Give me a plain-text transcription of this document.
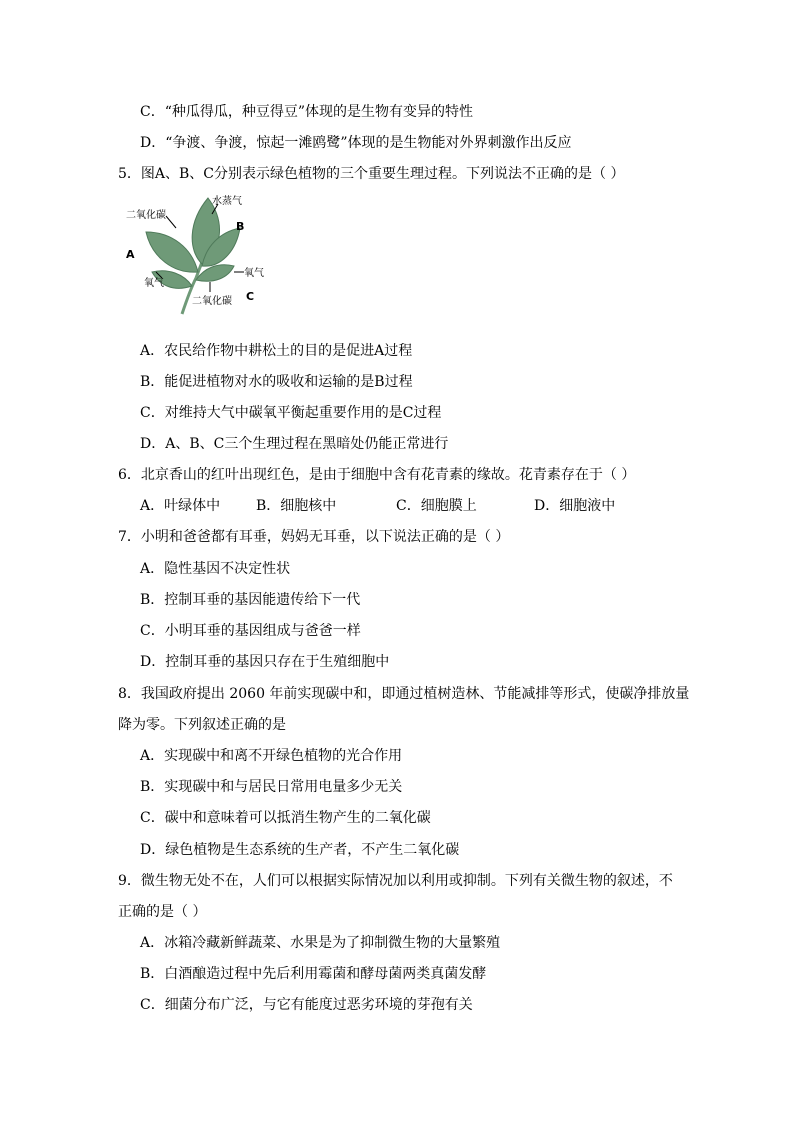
C．“种瓜得瓜，种豆得豆”体现的是生物有变异的特性
D．“争渡、争渡，惊起一滩鸥鹭”体现的是生物能对外界刺激作出反应
5．图A、B、C分别表示绿色植物的三个重要生理过程。下列说法不正确的是（ ）
二氧化碳
水蒸气
B
A
氧气
氧气
二氧化碳 C
A．农民给作物中耕松土的目的是促进A过程
B．能促进植物对水的吸收和运输的是B过程
C．对维持大气中碳氧平衡起重要作用的是C过程
D．A、B、C三个生理过程在黑暗处仍能正常进行
6．北京香山的红叶出现红色，是由于细胞中含有花青素的缘故。花青素存在于（ ）
A．叶绿体中	B．细胞核中	C．细胞膜上	D．细胞液中
7．小明和爸爸都有耳垂，妈妈无耳垂，以下说法正确的是（ ）
A．隐性基因不决定性状
B．控制耳垂的基因能遗传给下一代
C．小明耳垂的基因组成与爸爸一样
D．控制耳垂的基因只存在于生殖细胞中
8．我国政府提出 2060 年前实现碳中和，即通过植树造林、节能减排等形式，使碳净排放量
降为零。下列叙述正确的是
A．实现碳中和离不开绿色植物的光合作用
B．实现碳中和与居民日常用电量多少无关
C．碳中和意味着可以抵消生物产生的二氧化碳
D．绿色植物是生态系统的生产者，不产生二氧化碳
9．微生物无处不在，人们可以根据实际情况加以利用或抑制。下列有关微生物的叙述，不
正确的是（ ）
A．冰箱冷藏新鲜蔬菜、水果是为了抑制微生物的大量繁殖
B．白酒酿造过程中先后利用霉菌和酵母菌两类真菌发酵
C．细菌分布广泛，与它有能度过恶劣环境的芽孢有关
